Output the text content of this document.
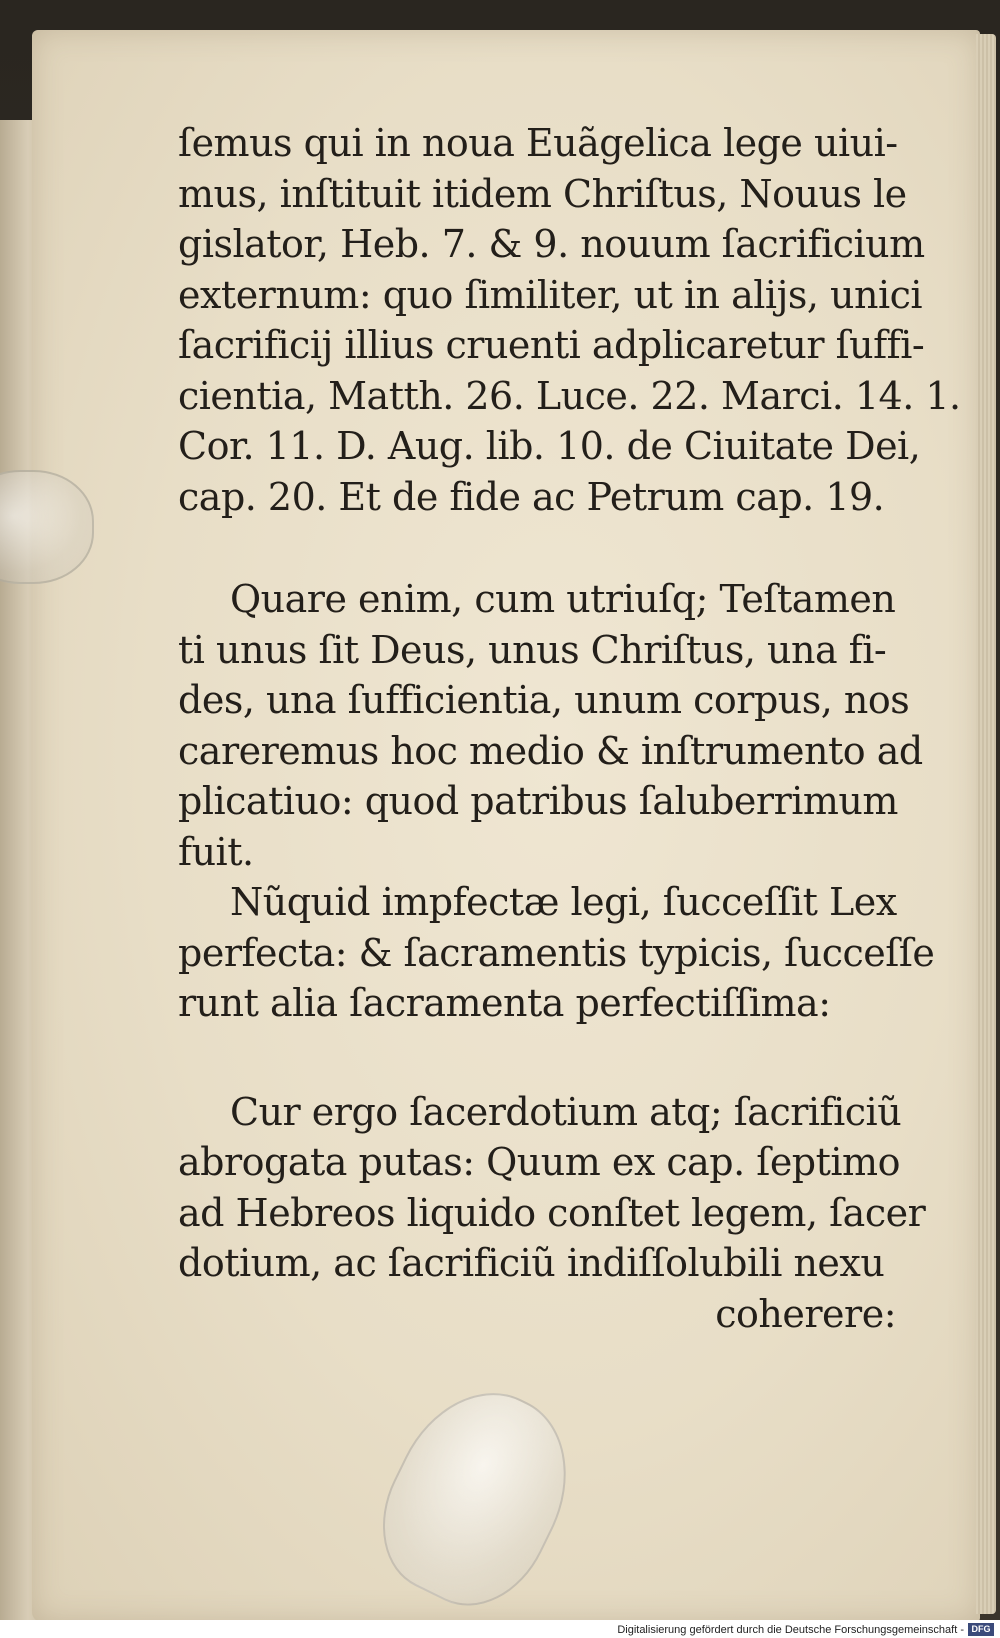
ſemus qui in noua Euãgelica lege uiui-
mus, inſtituit itidem Chriſtus, Nouus le
gislator, Heb. 7. & 9. nouum ſacrificium
externum: quo ſimiliter, ut in aliјs, unici
ſacrificiј illius cruenti adplicaretur ſuffi-
cientia, Matth. 26. Luce. 22. Marci. 14. 1.
Cor. 11. D. Aug. lib. 10. de Ciuitate Dei,
cap. 20. Et de fide ac Petrum cap. 19.
Quare enim, cum utriuſq; Teſtamen
ti unus ſit Deus, unus Chriſtus, una fi-
des, una ſufficientia, unum corpus, nos
careremus hoc medio & inſtrumento ad
plicatiuo: quod patribus ſaluberrimum
fuit.
Nũquid impfectæ legi, ſucceſſit Lex
perfecta: & ſacramentis typicis, ſucceſſe
runt alia ſacramenta perfectiſſima:
Cur ergo ſacerdotium atq; ſacrificiũ
abrogata putas: Quum ex cap. ſeptimo
ad Hebreos liquido conſtet legem, ſacer
dotium, ac ſacrificiũ indiſſolubili nexu
coherere:
Digitalisierung gefördert durch die Deutsche Forschungsgemeinschaft - DFG
